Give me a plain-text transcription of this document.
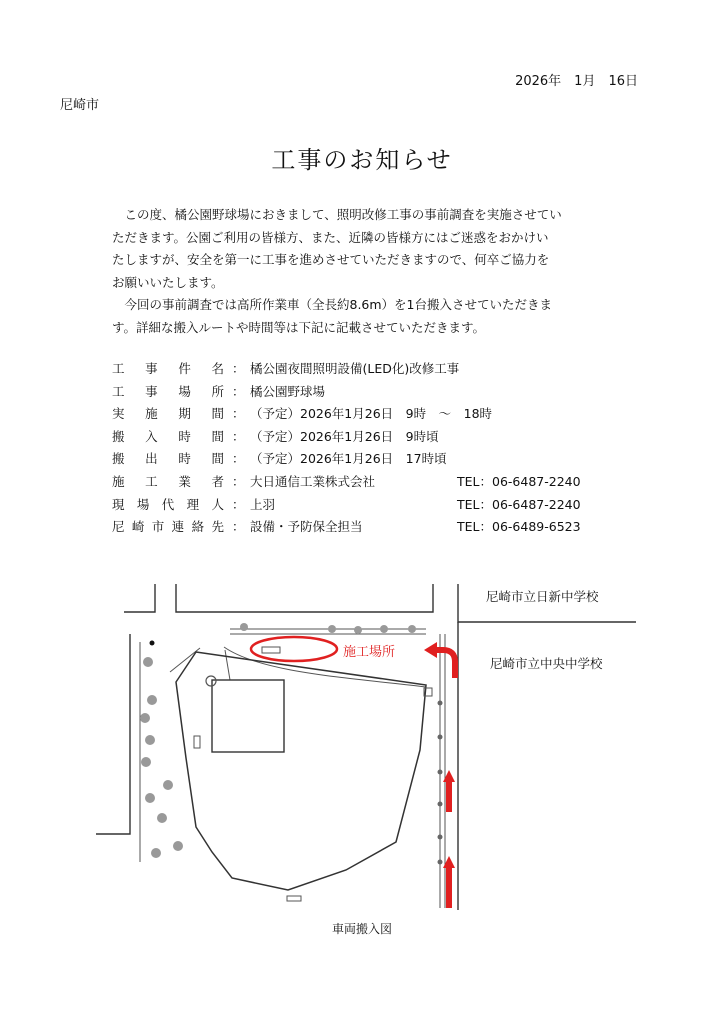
2026年　1月　16日
尼崎市
工事のお知らせ

この度、橘公園野球場におきまして、照明改修工事の事前調査を実施させてい
ただきます。公園ご利用の皆様方、また、近隣の皆様方にはご迷惑をおかけい
たしますが、安全を第一に工事を進めさせていただきますので、何卒ご協力を
お願いいたします。

今回の事前調査では高所作業車（全長約8.6m）を1台搬入させていただきま
す。詳細な搬入ルートや時間等は下記に記載させていただきます。

工 事 件 名 ： 橘公園夜間照明設備(LED化)改修工事
工 事 場 所 ： 橘公園野球場
実 施 期 間 ： （予定）2026年1月26日　9時　～　18時
搬 入 時 間 ： （予定）2026年1月26日　9時頃
搬 出 時 間 ： （予定）2026年1月26日　17時頃
施 工 業 者 ： 大日通信工業株式会社	TEL：06-6487-2240
現 場 代 理 人 ： 上羽	TEL：06-6487-2240
尼 崎 市 連 絡 先 ： 設備・予防保全担当	TEL：06-6489-6523
施工場所
尼崎市立日新中学校
尼崎市立中央中学校
車両搬入図
